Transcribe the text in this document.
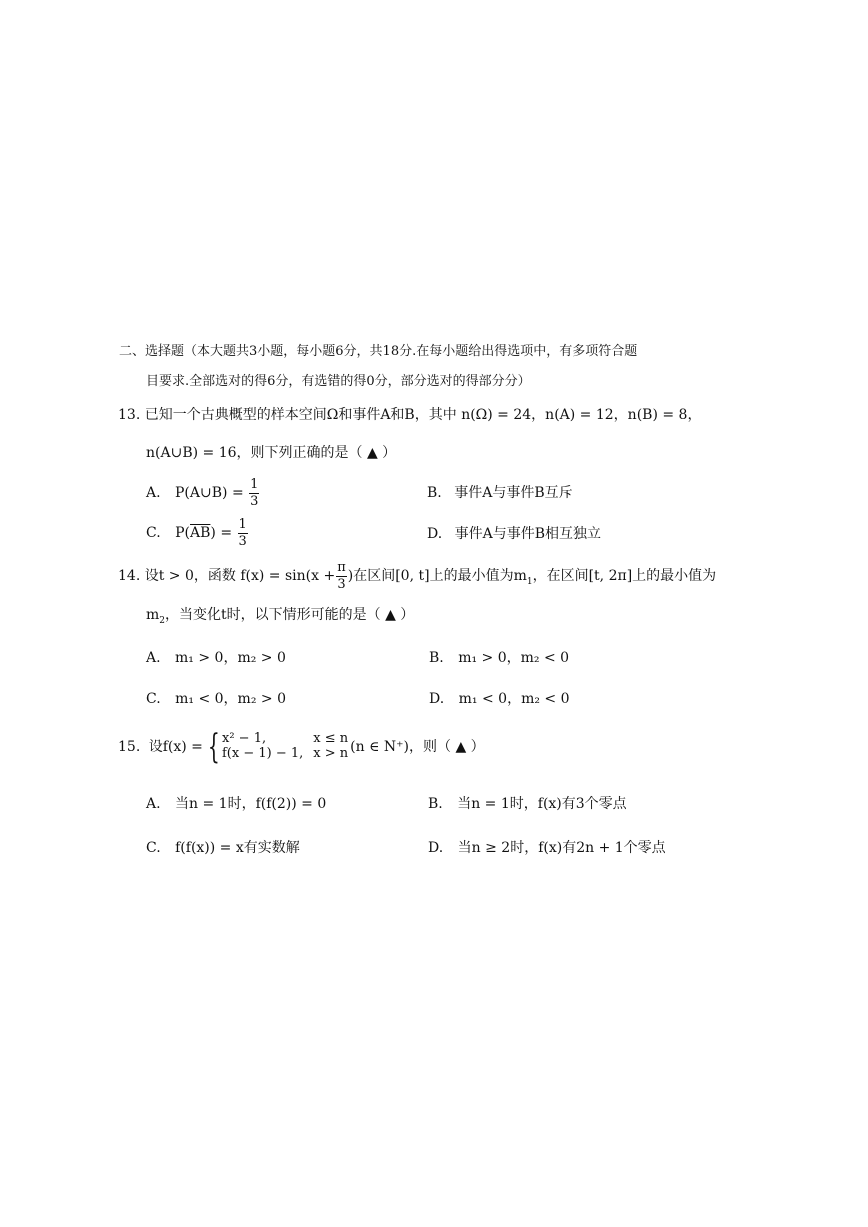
二、选择题（本大题共3小题，每小题6分，共18分.在每小题给出得选项中，有多项符合题
目要求.全部选对的得6分，有选错的得0分，部分选对的得部分分）
13. 已知一个古典概型的样本空间Ω和事件A和B，其中 n(Ω) = 24，n(A) = 12，n(B) = 8，
n(A∪B) = 16，则下列正确的是（ ▲ ）
A. P(A∪B) = $\frac{1}{3}$	B. 事件A与事件B互斥
C. $P(\overline{AB}) = \frac{1}{3}$	D. 事件A与事件B相互独立
14. 设t > 0，函数 $f(x) = \sin(x + \frac{\pi}{3}$ )在区间[0, t]上的最小值为$m_1$，在区间[t, 2π]上的最小值为
$m_2$，当变化t时，以下情形可能的是（ ▲ ）
A. m₁ > 0，m₂ > 0	B. m₁ > 0，m₂ < 0
C. m₁ < 0，m₂ > 0	D. m₁ < 0，m₂ < 0
15. 设f(x) = { x² − 1,	x ≤ n
f(x − 1) − 1,	x > n (n ∈ N⁺)，则（ ▲ ）
A. 当n = 1时，f(f(2)) = 0	B. 当n = 1时，f(x)有3个零点
C. f(f(x)) = x有实数解	D. 当n ≥ 2时，f(x)有2n + 1个零点
